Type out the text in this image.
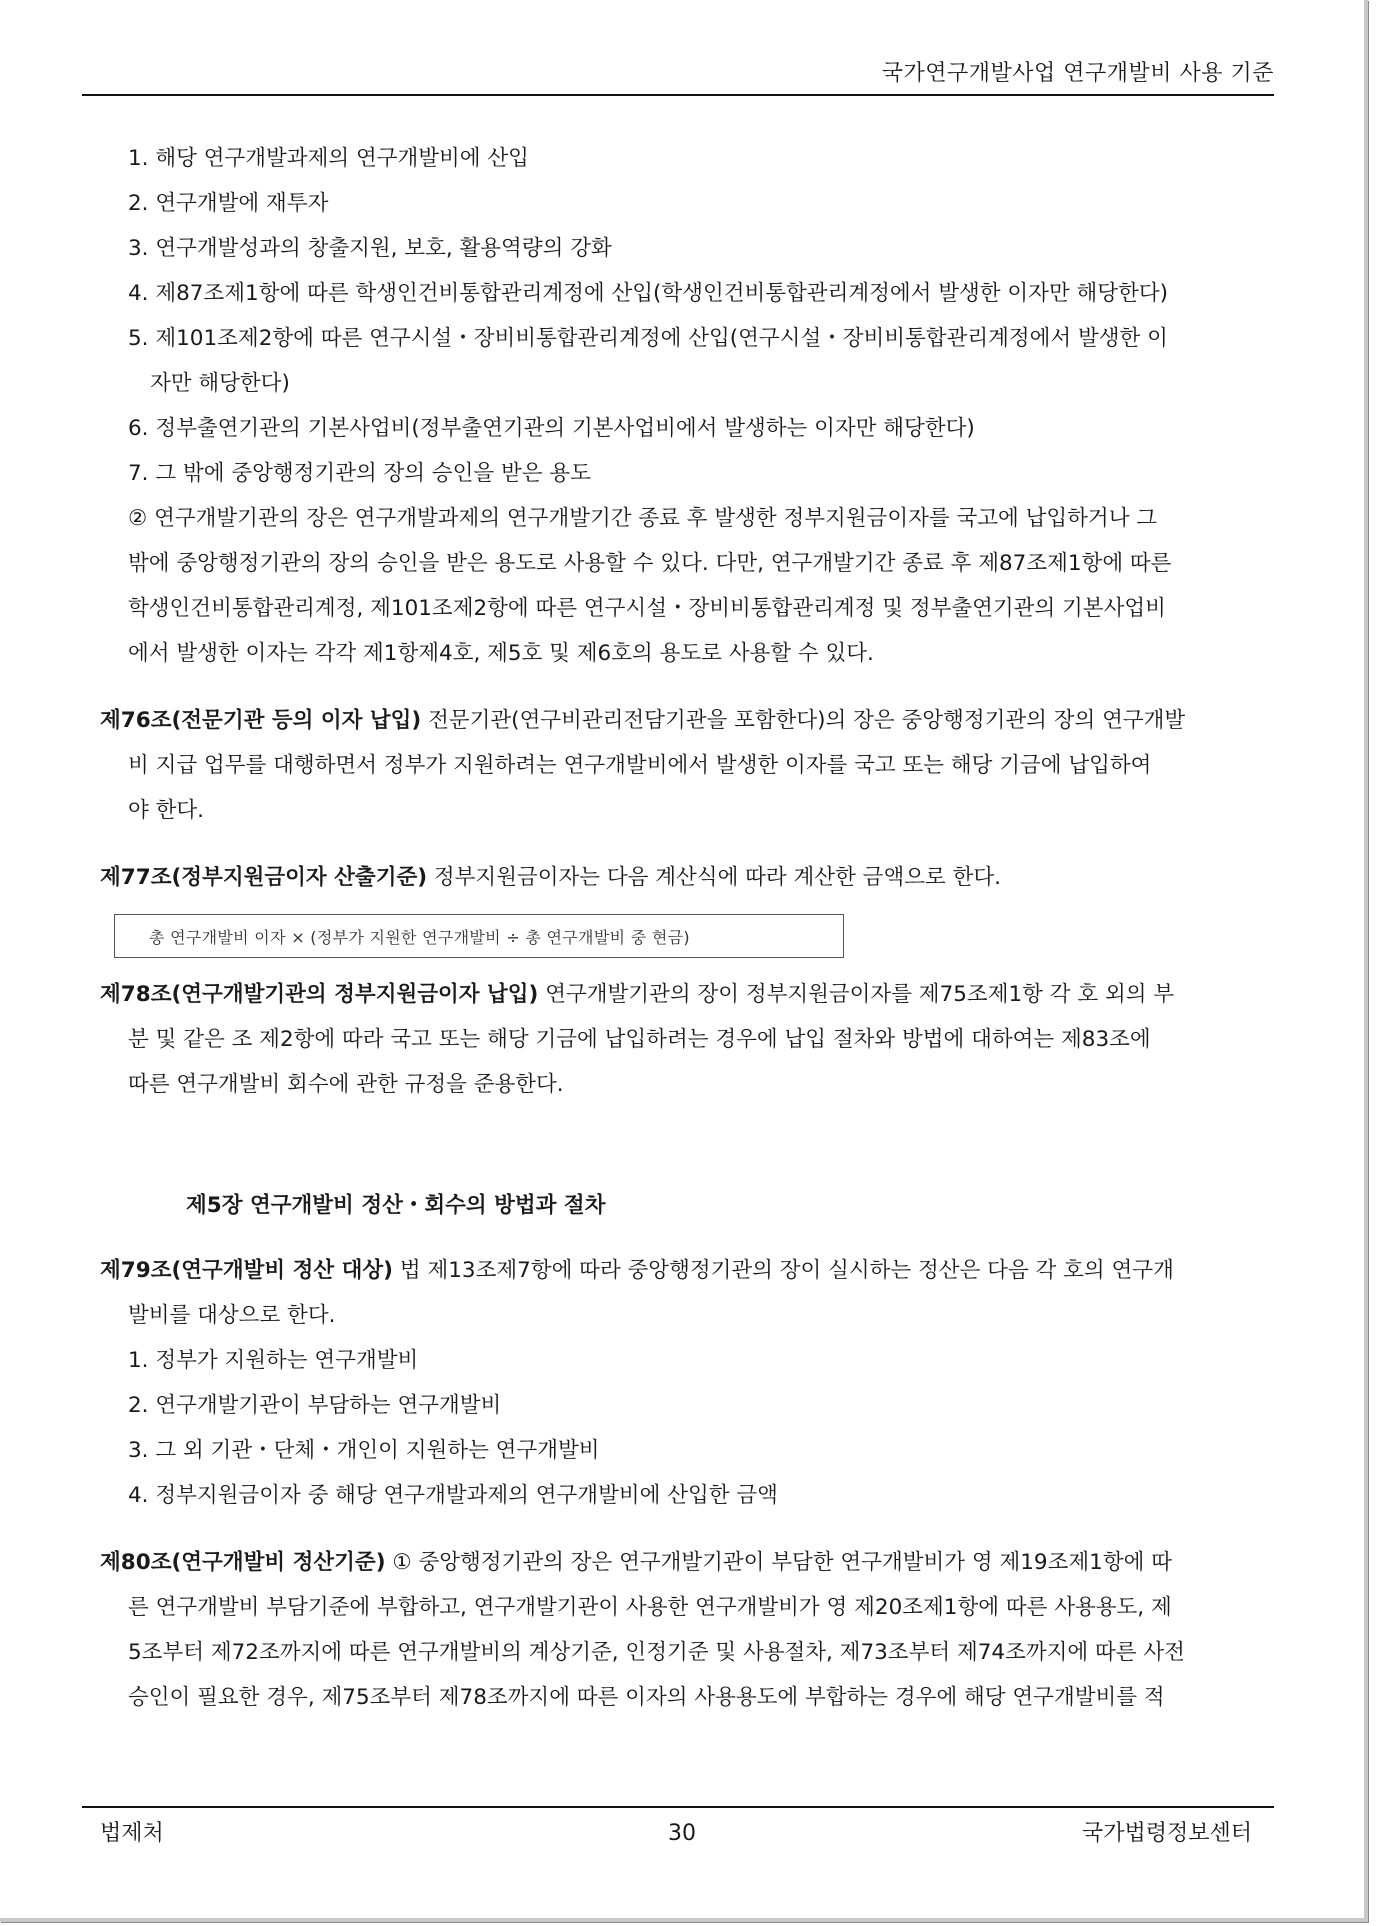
국가연구개발사업 연구개발비 사용 기준
1. 해당 연구개발과제의 연구개발비에 산입
2. 연구개발에 재투자
3. 연구개발성과의 창출지원, 보호, 활용역량의 강화
4. 제87조제1항에 따른 학생인건비통합관리계정에 산입(학생인건비통합관리계정에서 발생한 이자만 해당한다)
5. 제101조제2항에 따른 연구시설・장비비통합관리계정에 산입(연구시설・장비비통합관리계정에서 발생한 이
자만 해당한다)
6. 정부출연기관의 기본사업비(정부출연기관의 기본사업비에서 발생하는 이자만 해당한다)
7. 그 밖에 중앙행정기관의 장의 승인을 받은 용도
② 연구개발기관의 장은 연구개발과제의 연구개발기간 종료 후 발생한 정부지원금이자를 국고에 납입하거나 그
밖에 중앙행정기관의 장의 승인을 받은 용도로 사용할 수 있다. 다만, 연구개발기간 종료 후 제87조제1항에 따른
학생인건비통합관리계정, 제101조제2항에 따른 연구시설・장비비통합관리계정 및 정부출연기관의 기본사업비
에서 발생한 이자는 각각 제1항제4호, 제5호 및 제6호의 용도로 사용할 수 있다.
제76조(전문기관 등의 이자 납입) 전문기관(연구비관리전담기관을 포함한다)의 장은 중앙행정기관의 장의 연구개발
비 지급 업무를 대행하면서 정부가 지원하려는 연구개발비에서 발생한 이자를 국고 또는 해당 기금에 납입하여
야 한다.
제77조(정부지원금이자 산출기준) 정부지원금이자는 다음 계산식에 따라 계산한 금액으로 한다.
총 연구개발비 이자 × (정부가 지원한 연구개발비 ÷ 총 연구개발비 중 현금)
제78조(연구개발기관의 정부지원금이자 납입) 연구개발기관의 장이 정부지원금이자를 제75조제1항 각 호 외의 부
분 및 같은 조 제2항에 따라 국고 또는 해당 기금에 납입하려는 경우에 납입 절차와 방법에 대하여는 제83조에
따른 연구개발비 회수에 관한 규정을 준용한다.
제5장 연구개발비 정산・회수의 방법과 절차
제79조(연구개발비 정산 대상) 법 제13조제7항에 따라 중앙행정기관의 장이 실시하는 정산은 다음 각 호의 연구개
발비를 대상으로 한다.
1. 정부가 지원하는 연구개발비
2. 연구개발기관이 부담하는 연구개발비
3. 그 외 기관・단체・개인이 지원하는 연구개발비
4. 정부지원금이자 중 해당 연구개발과제의 연구개발비에 산입한 금액
제80조(연구개발비 정산기준) ① 중앙행정기관의 장은 연구개발기관이 부담한 연구개발비가 영 제19조제1항에 따
른 연구개발비 부담기준에 부합하고, 연구개발기관이 사용한 연구개발비가 영 제20조제1항에 따른 사용용도, 제
5조부터 제72조까지에 따른 연구개발비의 계상기준, 인정기준 및 사용절차, 제73조부터 제74조까지에 따른 사전
승인이 필요한 경우, 제75조부터 제78조까지에 따른 이자의 사용용도에 부합하는 경우에 해당 연구개발비를 적
법제처	30	국가법령정보센터
